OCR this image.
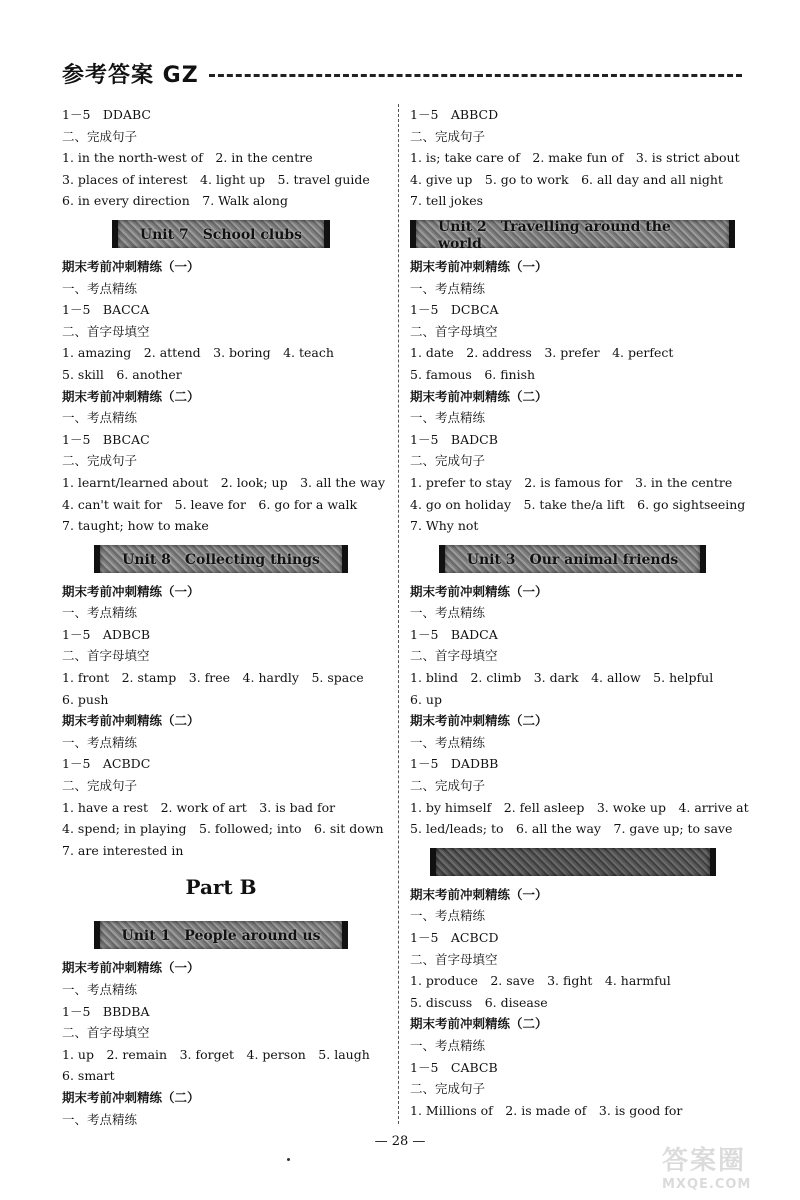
参考答案 GZ
1－5　DDABC
二、完成句子
1. in the north-west of　2. in the centre
3. places of interest　4. light up　5. travel guide
6. in every direction　7. Walk along
Unit 7　School clubs
期末考前冲刺精练（一）
一、考点精练
1－5　BACCA
二、首字母填空
1. amazing　2. attend　3. boring　4. teach
5. skill　6. another
期末考前冲刺精练（二）
一、考点精练
1－5　BBCAC
二、完成句子
1. learnt/learned about　2. look; up　3. all the way
4. can't wait for　5. leave for　6. go for a walk
7. taught; how to make
Unit 8　Collecting things
期末考前冲刺精练（一）
一、考点精练
1－5　ADBCB
二、首字母填空
1. front　2. stamp　3. free　4. hardly　5. space
6. push
期末考前冲刺精练（二）
一、考点精练
1－5　ACBDC
二、完成句子
1. have a rest　2. work of art　3. is bad for
4. spend; in playing　5. followed; into　6. sit down
7. are interested in
Part B
Unit 1　People around us
期末考前冲刺精练（一）
一、考点精练
1－5　BBDBA
二、首字母填空
1. up　2. remain　3. forget　4. person　5. laugh
6. smart
期末考前冲刺精练（二）
一、考点精练
1－5　ABBCD
二、完成句子
1. is; take care of　2. make fun of　3. is strict about
4. give up　5. go to work　6. all day and all night
7. tell jokes
Unit 2　Travelling around the world
期末考前冲刺精练（一）
一、考点精练
1－5　DCBCA
二、首字母填空
1. date　2. address　3. prefer　4. perfect
5. famous　6. finish
期末考前冲刺精练（二）
一、考点精练
1－5　BADCB
二、完成句子
1. prefer to stay　2. is famous for　3. in the centre
4. go on holiday　5. take the/a lift　6. go sightseeing
7. Why not
Unit 3　Our animal friends
期末考前冲刺精练（一）
一、考点精练
1－5　BADCA
二、首字母填空
1. blind　2. climb　3. dark　4. allow　5. helpful
6. up
期末考前冲刺精练（二）
一、考点精练
1－5　DADBB
二、完成句子
1. by himself　2. fell asleep　3. woke up　4. arrive at
5. led/leads; to　6. all the way　7. gave up; to save
期末考前冲刺精练（一）
一、考点精练
1－5　ACBCD
二、首字母填空
1. produce　2. save　3. fight　4. harmful
5. discuss　6. disease
期末考前冲刺精练（二）
一、考点精练
1－5　CABCB
二、完成句子
1. Millions of　2. is made of　3. is good for
— 28 —
答案圈
MXQE.COM
